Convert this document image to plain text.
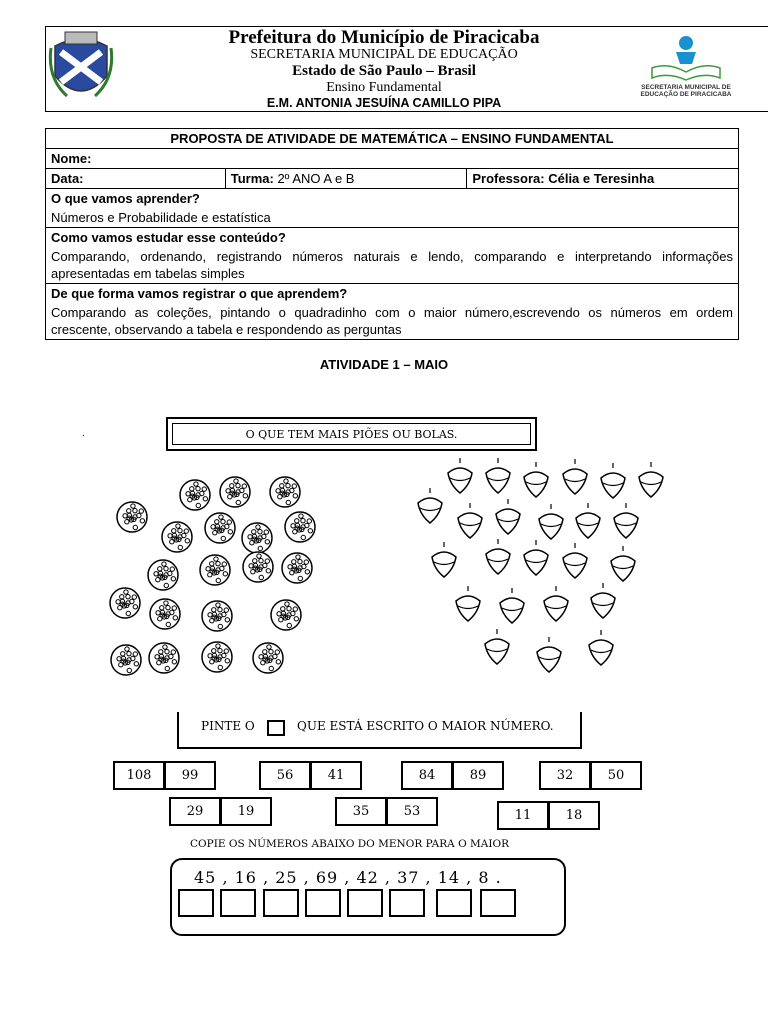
Prefeitura do Município de Piracicaba
SECRETARIA MUNICIPAL DE EDUCAÇÃO
Estado de São Paulo – Brasil
Ensino Fundamental
E.M. ANTONIA JESUÍNA CAMILLO PIPA
SECRETARIA MUNICIPAL DE EDUCAÇÃO DE PIRACICABA
PROPOSTA DE ATIVIDADE DE MATEMÁTICA – ENSINO FUNDAMENTAL
Nome:
Data:	Turma: 2º ANO A e B	Professora: Célia e Teresinha
O que vamos aprender?
Números e Probabilidade e estatística
Como vamos estudar esse conteúdo?
Comparando, ordenando, registrando números naturais e lendo, comparando e interpretando informações apresentadas em tabelas simples
De que forma vamos registrar o que aprendem?
Comparando as coleções, pintando o quadradinho com o maior número,escrevendo os números em ordem crescente, observando a tabela e respondendo as perguntas
ATIVIDADE 1 – MAIO
O QUE TEM MAIS PIÕES OU BOLAS.
.
PINTE O	QUE ESTÁ ESCRITO O MAIOR NÚMERO.
108	99	56	41	84	89	32	50
29	19	35	53	11	18
COPIE OS NÚMEROS ABAIXO DO MENOR PARA O MAIOR
45 , 16 , 25 , 69 , 42 , 37 , 14 , 8 .
